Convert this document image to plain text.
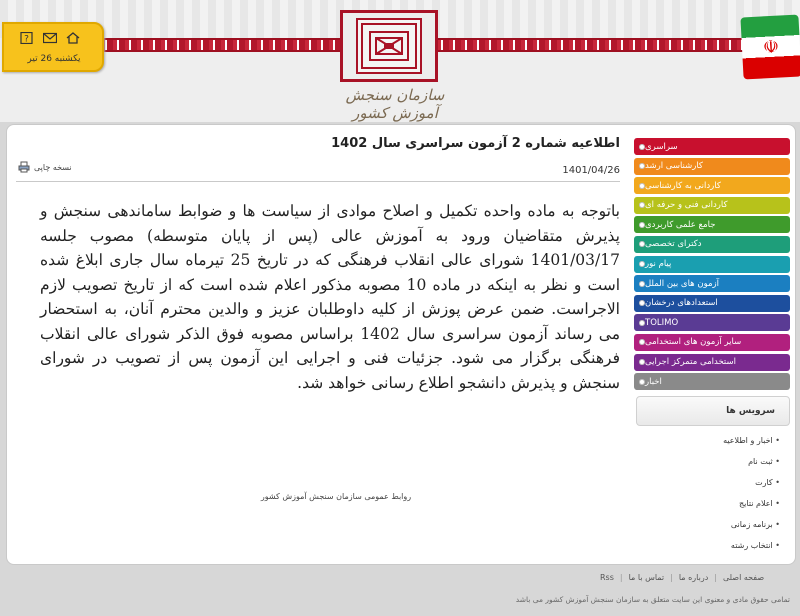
سازمان سنجش آموزش کشور
☫
?
یکشنبه 26 تیر
اطلاعیه شماره 2 آزمون سراسری سال 1402
1401/04/26
نسخه چاپی
باتوجه به ماده واحده تکمیل و اصلاح موادی از سیاست ها و ضوابط ساماندهی سنجش و پذیرش متقاضیان ورود به آموزش عالی (پس از پایان متوسطه) مصوب جلسه 1401/03/17 شورای عالی انقلاب فرهنگی که در تاریخ 25 تیرماه سال جاری ابلاغ شده است و نظر به اینکه در ماده 10 مصوبه مذکور اعلام شده است که از تاریخ تصویب لازم الاجراست. ضمن عرض پوزش از کلیه داوطلبان عزیز و والدین محترم آنان، به استحضار می رساند آزمون سراسری سال 1402 براساس مصوبه فوق الذکر شورای عالی انقلاب فرهنگی برگزار می شود. جزئیات فنی و اجرایی این آزمون پس از تصویب در شورای سنجش و پذیرش دانشجو اطلاع رسانی خواهد شد.
روابط عمومی سازمان سنجش آموزش کشور
سراسری
کارشناسی ارشد
کاردانی به کارشناسی
کاردانی فنی و حرفه ای
جامع علمی کاربردی
دکترای تخصصی
پیام نور
آزمون های بین الملل
استعدادهای درخشان
TOLIMO
سایر آزمون های استخدامی
استخدامی متمرکز اجرایی
اخبار
سرویس ها
• اخبار و اطلاعیه
• ثبت نام
• کارت
• اعلام نتایج
• برنامه زمانی
• انتخاب رشته
صفحه اصلی
|
درباره ما
|
تماس با ما
|
Rss
تمامی حقوق مادی و معنوی این سایت متعلق به سازمان سنجش آموزش کشور می باشد
